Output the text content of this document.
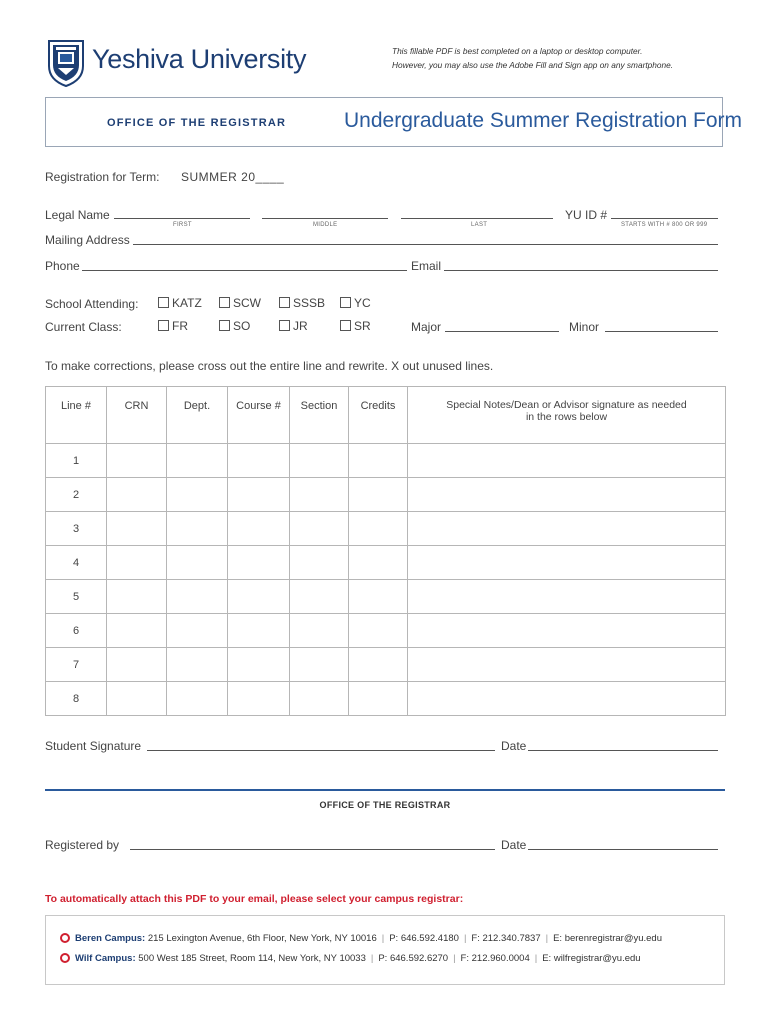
Yeshiva University	This fillable PDF is best completed on a laptop or desktop computer.
However, you may also use the Adobe Fill and Sign app on any smartphone.
OFFICE OF THE REGISTRAR	Undergraduate Summer Registration Form
Registration for Term: SUMMER 20____
Legal Name
FIRST	MIDDLE	LAST
YU ID #
STARTS WITH # 800 OR 999
Mailing Address
Phone	Email
School Attending:	KATZ	SCW	SSSB	YC
Current Class:	FR	SO	JR	SR	Major	Minor
To make corrections, please cross out the entire line and rewrite. X out unused lines.
Line #	CRN	Dept.	Course #	Section	Credits	Special Notes/Dean or Advisor signature as needed
in the rows below

1						
2						
3						
4						
5						
6						
7						
8						
Student Signature	Date
OFFICE OF THE REGISTRAR
Registered by	Date
To automatically attach this PDF to your email, please select your campus registrar:
Beren Campus: 215 Lexington Avenue, 6th Floor, New York, NY 10016 | P: 646.592.4180 | F: 212.340.7837 | E: berenregistrar@yu.edu
Wilf Campus: 500 West 185 Street, Room 114, New York, NY 10033 | P: 646.592.6270 | F: 212.960.0004 | E: wilfregistrar@yu.edu
